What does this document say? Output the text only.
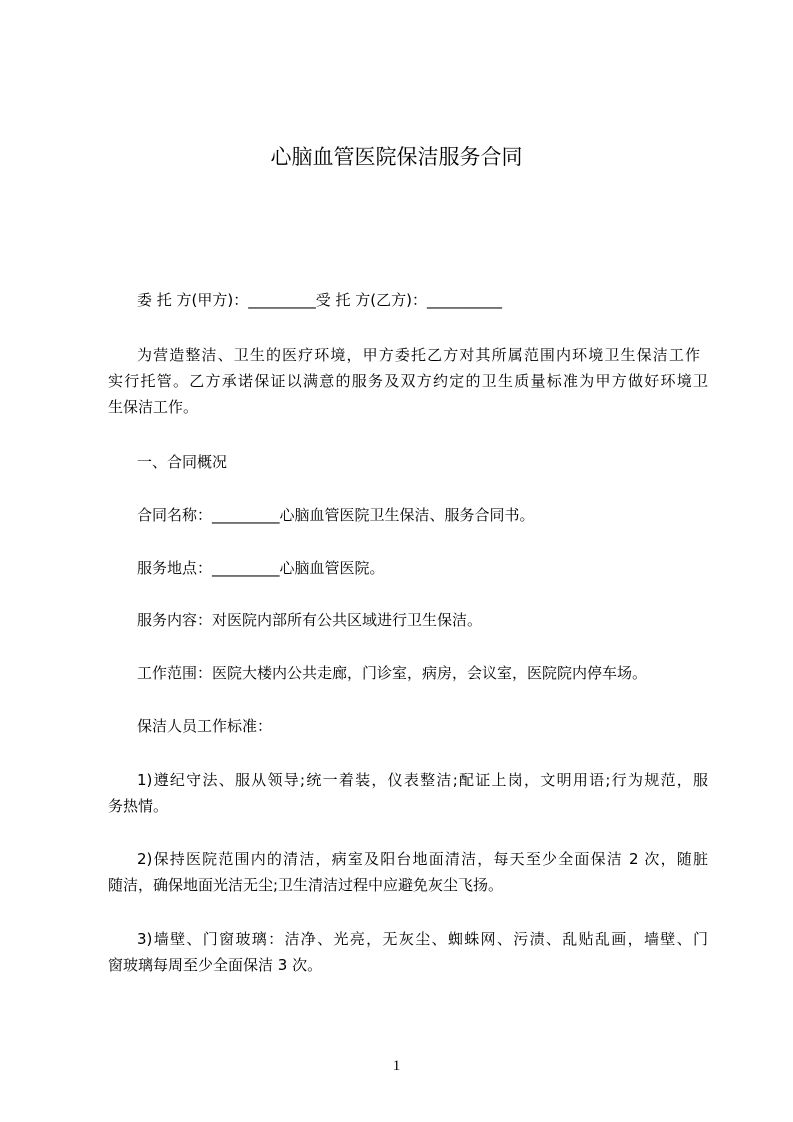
心脑血管医院保洁服务合同
委 托 方(甲方)：_________受 托 方(乙方)：__________
为营造整洁、卫生的医疗环境，甲方委托乙方对其所属范围内环境卫生保洁工作
实行托管。乙方承诺保证以满意的服务及双方约定的卫生质量标准为甲方做好环境卫
生保洁工作。
一、合同概况
合同名称：_________心脑血管医院卫生保洁、服务合同书。
服务地点：_________心脑血管医院。
服务内容：对医院内部所有公共区域进行卫生保洁。
工作范围：医院大楼内公共走廊，门诊室，病房，会议室，医院院内停车场。
保洁人员工作标准：
1)遵纪守法、服从领导;统一着装，仪表整洁;配证上岗，文明用语;行为规范，服
务热情。
2)保持医院范围内的清洁，病室及阳台地面清洁，每天至少全面保洁 2 次，随脏
随洁，确保地面光洁无尘;卫生清洁过程中应避免灰尘飞扬。
3)墙壁、门窗玻璃：洁净、光亮，无灰尘、蜘蛛网、污渍、乱贴乱画，墙壁、门
窗玻璃每周至少全面保洁 3 次。
1
